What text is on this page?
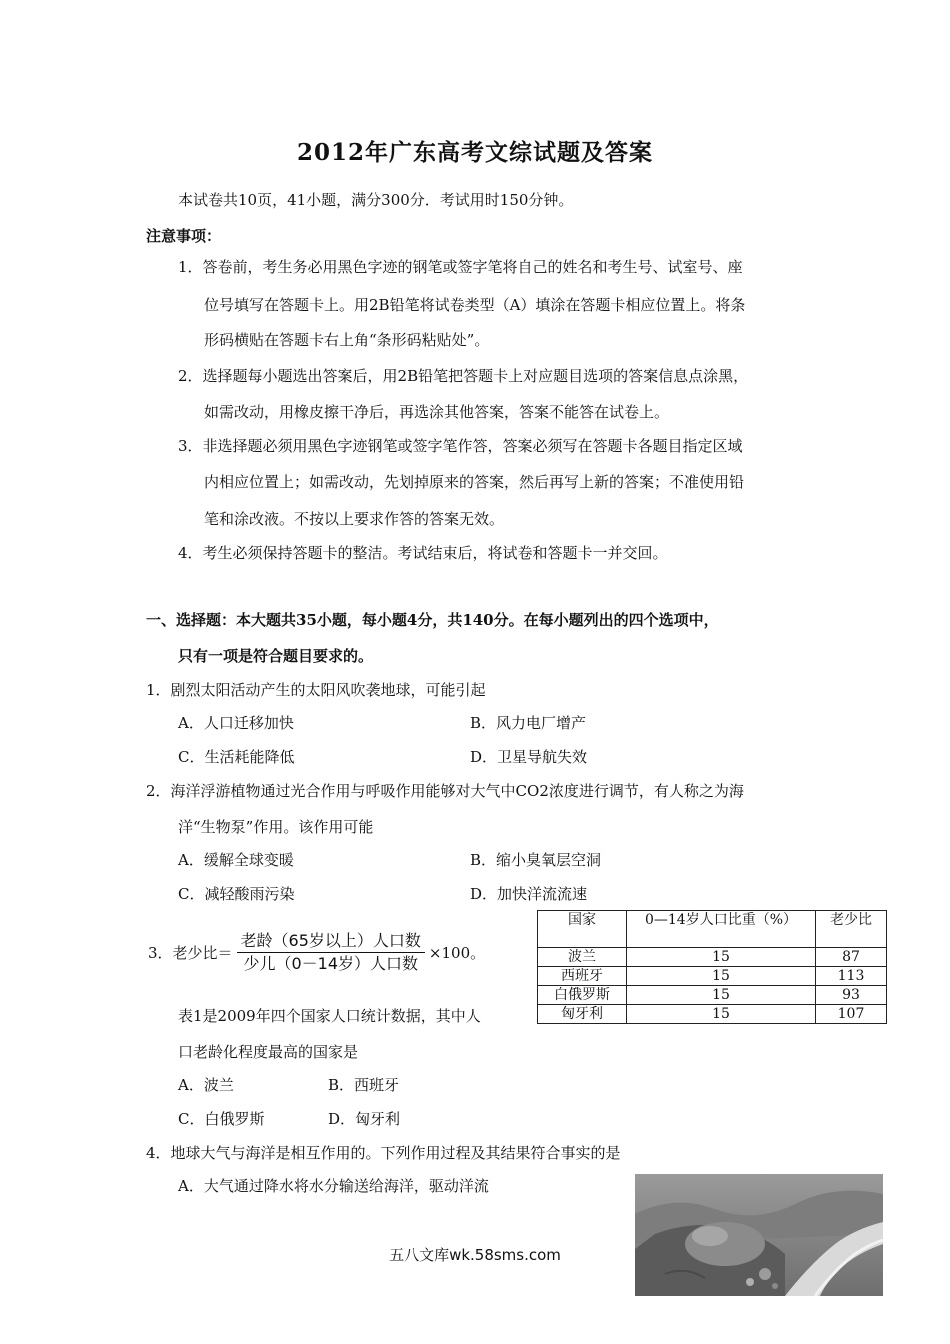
2012年广东高考文综试题及答案
本试卷共10页，41小题，满分300分．考试用时150分钟。
注意事项：
1．答卷前，考生务必用黑色字迹的钢笔或签字笔将自己的姓名和考生号、试室号、座
位号填写在答题卡上。用2B铅笔将试卷类型（A）填涂在答题卡相应位置上。将条
形码横贴在答题卡右上角“条形码粘贴处”。
2．选择题每小题选出答案后，用2B铅笔把答题卡上对应题目选项的答案信息点涂黑，
如需改动，用橡皮擦干净后，再选涂其他答案，答案不能答在试卷上。
3．非选择题必须用黑色字迹钢笔或签字笔作答，答案必须写在答题卡各题目指定区域
内相应位置上；如需改动，先划掉原来的答案，然后再写上新的答案；不准使用铅
笔和涂改液。不按以上要求作答的答案无效。
4．考生必须保持答题卡的整洁。考试结束后，将试卷和答题卡一并交回。
一、选择题：本大题共35小题，每小题4分，共140分。在每小题列出的四个选项中，
只有一项是符合题目要求的。
1．剧烈太阳活动产生的太阳风吹袭地球，可能引起
A．人口迁移加快	B．风力电厂增产
C．生活耗能降低	D．卫星导航失效
2．海洋浮游植物通过光合作用与呼吸作用能够对大气中CO2浓度进行调节，有人称之为海
洋“生物泵”作用。该作用可能
A．缓解全球变暖	B．缩小臭氧层空洞
C．减轻酸雨污染	D．加快洋流流速
3．老少比＝ $\frac{\text{老龄（65岁以上）人口数}}{\text{少儿（0－14岁）人口数}} \times 100$。
国家	0—14岁人口比重（%）	老少比
波兰	15	87
西班牙	15	113
白俄罗斯	15	93
匈牙利	15	107
表1是2009年四个国家人口统计数据，其中人
口老龄化程度最高的国家是
A．波兰	B．西班牙
C．白俄罗斯	D．匈牙利
4．地球大气与海洋是相互作用的。下列作用过程及其结果符合事实的是
A．大气通过降水将水分输送给海洋，驱动洋流
五八文库wk.58sms.com
